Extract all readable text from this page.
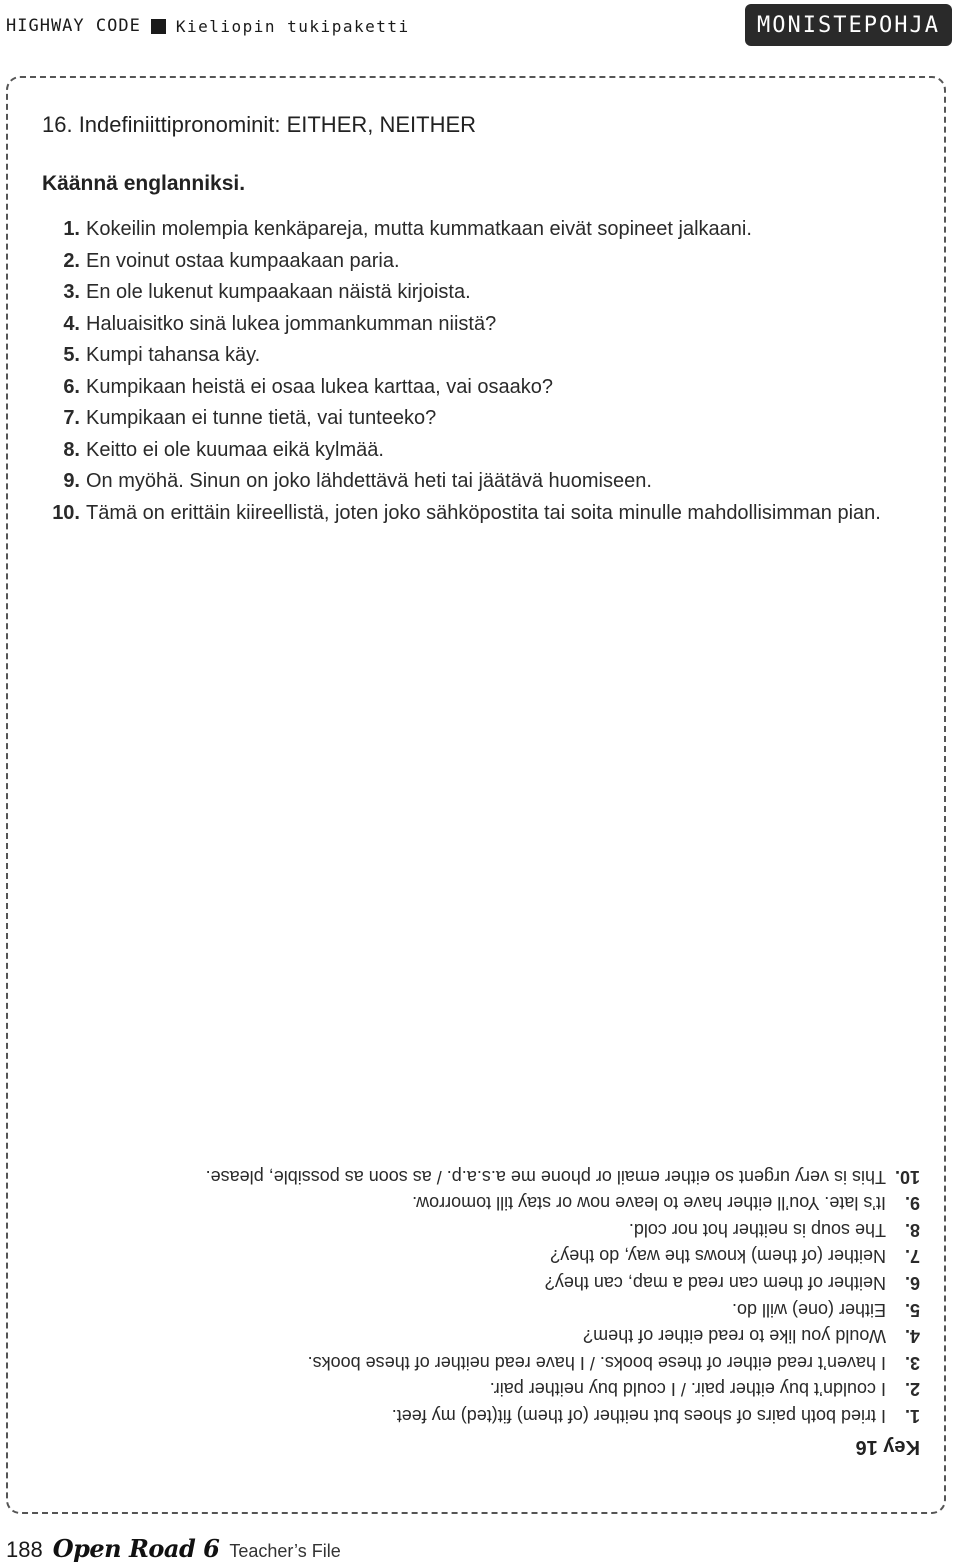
HIGHWAY CODE Kieliopin tukipaketti	MONISTEPOHJA
16. Indefiniittipronominit: EITHER, NEITHER
Käännä englanniksi.
1. Kokeilin molempia kenkäpareja, mutta kummatkaan eivät sopineet jalkaani.
2. En voinut ostaa kumpaakaan paria.
3. En ole lukenut kumpaakaan näistä kirjoista.
4. Haluaisitko sinä lukea jommankumman niistä?
5. Kumpi tahansa käy.
6. Kumpikaan heistä ei osaa lukea karttaa, vai osaako?
7. Kumpikaan ei tunne tietä, vai tunteeko?
8. Keitto ei ole kuumaa eikä kylmää.
9. On myöhä. Sinun on joko lähdettävä heti tai jäätävä huomiseen.
10. Tämä on erittäin kiireellistä, joten joko sähköpostita tai soita minulle mahdollisimman pian.
Key 16
1.
I tried both pairs of shoes but neither (of them) fit(ted) my feet.
2.
I couldn’t buy either pair. / I could buy neither pair.
3.
I haven’t read either of these books. / I have read neither of these books.
4.
Would you like to read either of them?
5.
Either (one) will do.
6.
Neither of them can read a map, can they?
7.
Neither (of them) knows the way, do they?
8.
The soup is neither hot nor cold.
9.
It’s late. You’ll either have to leave now or stay till tomorrow.
10.
This is very urgent so either email or phone me a.s.a.p. / as soon as possible, please.
188 Open Road 6 Teacher’s File
